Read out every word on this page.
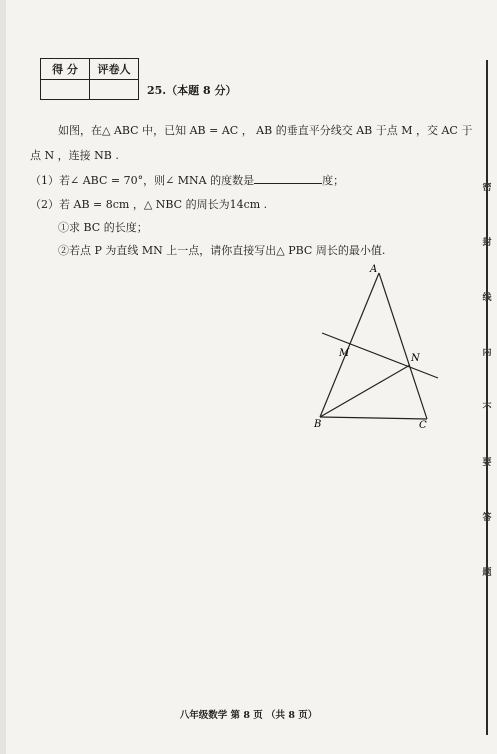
得 分	评卷人

25.（本题 8 分）
如图，在△ ABC 中，已知 AB = AC ， AB 的垂直平分线交 AB 于点 M ，交 AC 于
点 N ，连接 NB .
（1）若∠ ABC = 70°，则∠ MNA 的度数是	度；
（2）若 AB = 8cm ，△ NBC 的周长为14cm .
①求 BC 的长度；
②若点 P 为直线 MN 上一点，请你直接写出△ PBC 周长的最小值.
A
M	N
B	C
密
封
线
内
不
要
答
题
八年级数学 第 8 页 （共 8 页）
